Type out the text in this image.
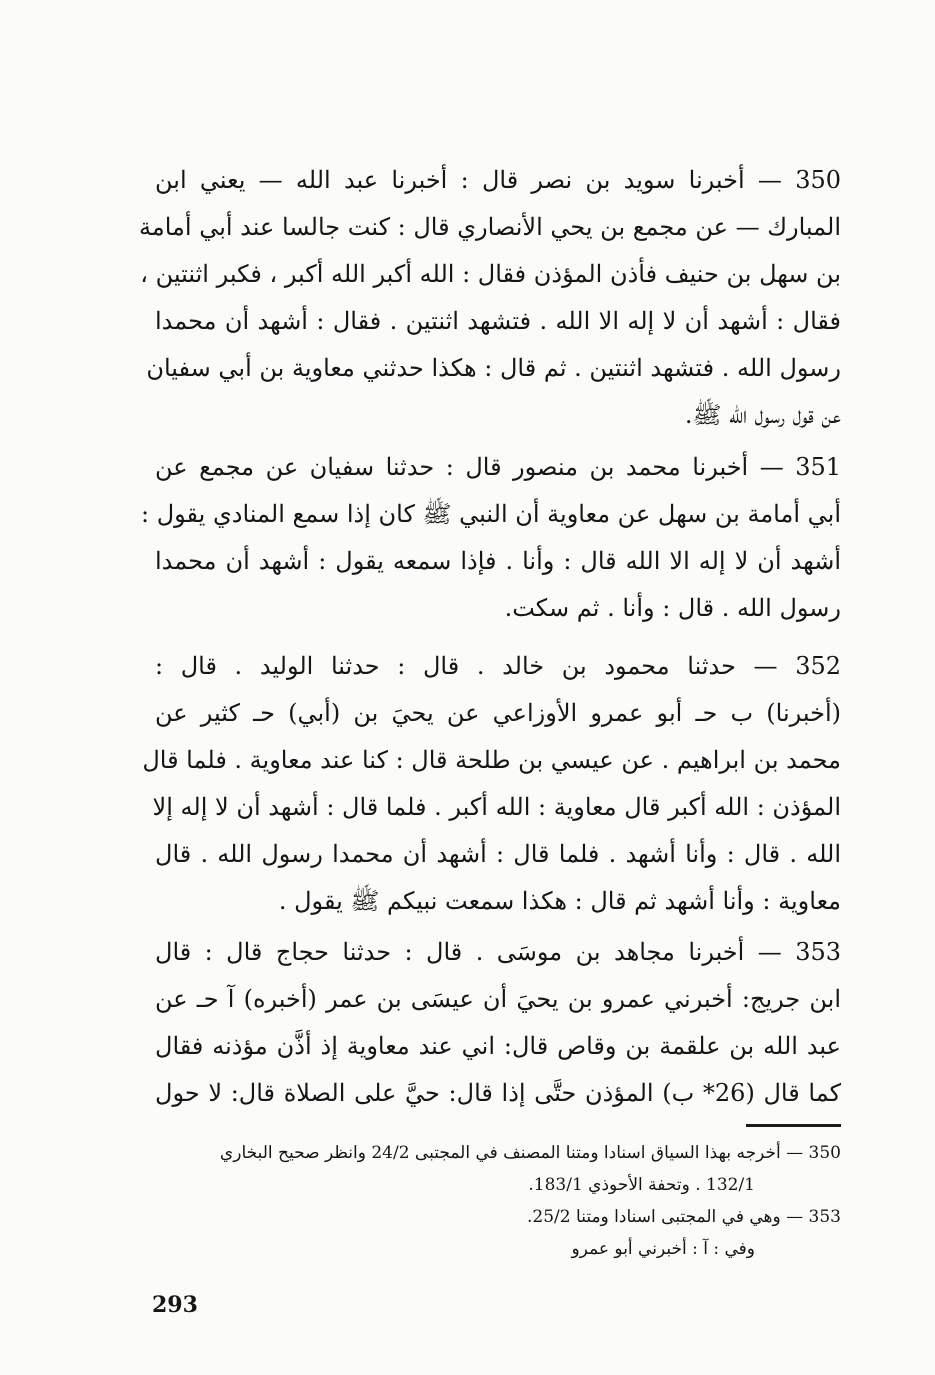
350 — أخبرنا سويد بن نصر قال : أخبرنا عبد الله — يعني ابن
المبارك — عن مجمع بن يحي الأنصاري قال : كنت جالسا عند أبي أمامة
بن سهل بن حنيف فأذن المؤذن فقال : الله أكبر الله أكبر ، فكبر اثنتين ،
فقال : أشهد أن لا إله الا الله . فتشهد اثنتين . فقال : أشهد أن محمدا
رسول الله . فتشهد اثنتين . ثم قال : هكذا حدثني معاوية بن أبي سفيان
عن قول رسول الله ﷺ.
351 — أخبرنا محمد بن منصور قال : حدثنا سفيان عن مجمع عن
أبي أمامة بن سهل عن معاوية أن النبي ﷺ كان إذا سمع المنادي يقول :
أشهد أن لا إله الا الله قال : وأنا . فإذا سمعه يقول : أشهد أن محمدا
رسول الله . قال : وأنا . ثم سكت.
352 — حدثنا محمود بن خالد . قال : حدثنا الوليد . قال :
(أخبرنا) ب حـ أبو عمرو الأوزاعي عن يحيَ بن (أبي) حـ كثير عن
محمد بن ابراهيم . عن عيسي بن طلحة قال : كنا عند معاوية . فلما قال
المؤذن : الله أكبر قال معاوية : الله أكبر . فلما قال : أشهد أن لا إله إلا
الله . قال : وأنا أشهد . فلما قال : أشهد أن محمدا رسول الله . قال
معاوية : وأنا أشهد ثم قال : هكذا سمعت نبيكم ﷺ يقول .
353 — أخبرنا مجاهد بن موسَى . قال : حدثنا حجاج قال : قال
ابن جريج: أخبرني عمرو بن يحيَ أن عيسَى بن عمر (أخبره) آ حـ عن
عبد الله بن علقمة بن وقاص قال: اني عند معاوية إذ أذَّن مؤذنه فقال
كما قال (26* ب) المؤذن حتَّى إذا قال: حيَّ على الصلاة قال: لا حول
350 — أخرجه بهذا السياق اسنادا ومتنا المصنف في المجتبى 24/2 وانظر صحيح البخاري
132/1 . وتحفة الأحوذي 183/1.
353 — وهي في المجتبى اسنادا ومتنا 25/2.
وفي : آ : أخبرني أبو عمرو
293
